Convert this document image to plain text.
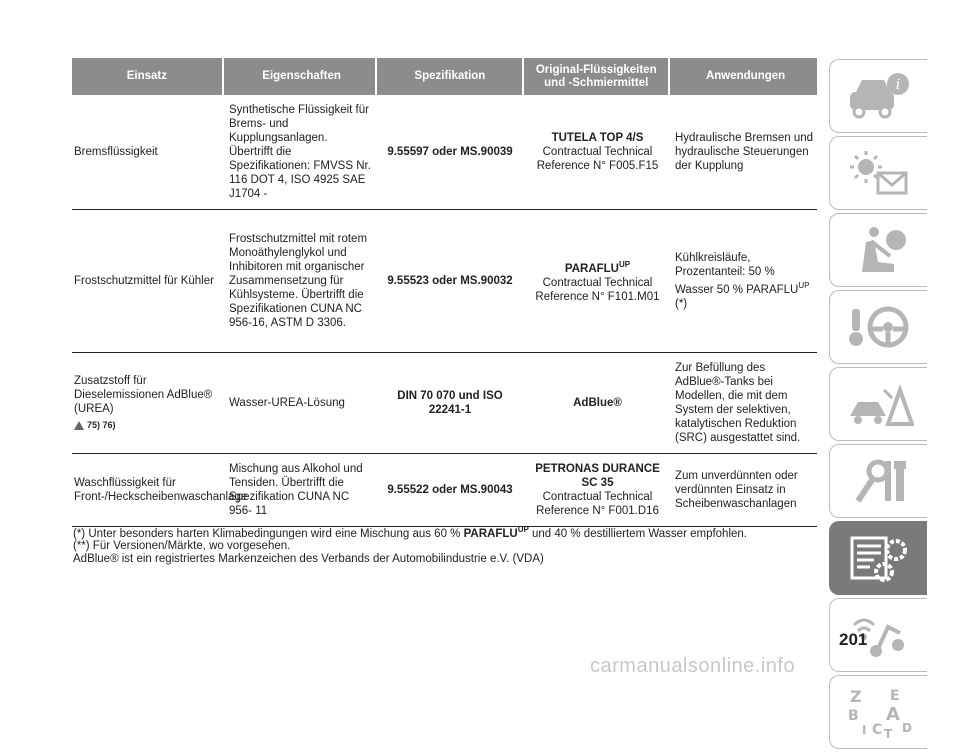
Einsatz	Eigenschaften	Spezifikation
Original-Flüssigkeiten und -Schmiermittel
Anwendungen
Bremsflüssigkeit
Synthetische Flüssigkeit für Brems- und Kupplungsanlagen. Übertrifft die Spezifikationen: FMVSS Nr. 116 DOT 4, ISO 4925 SAE J1704 -
9.55597 oder MS.90039
TUTELA TOP 4/S
Contractual Technical Reference N° F005.F15
Hydraulische Bremsen und hydraulische Steuerungen der Kupplung
Frostschutzmittel für Kühler
Frostschutzmittel mit rotem Monoäthylenglykol und Inhibitoren mit organischer Zusammensetzung für Kühlsysteme. Übertrifft die Spezifikationen CUNA NC 956-16, ASTM D 3306.
9.55523 oder MS.90032
$PARAFLU^{UP}$
Contractual Technical Reference N° F101.M01
Kühlkreisläufe, Prozentanteil: 50 % Wasser 50 % $PARAFLU^{UP}$ (*)
Zusatzstoff für Dieselemissionen AdBlue® (UREA)
75) 76)
Wasser-UREA-Lösung
DIN 70 070 und ISO 22241-1
AdBlue®
Zur Befüllung des AdBlue®-Tanks bei Modellen, die mit dem System der selektiven, katalytischen Reduktion (SRC) ausgestattet sind.
Waschflüssigkeit für Front-/Heckscheibenwaschanlage
Mischung aus Alkohol und Tensiden. Übertrifft die Spezifikation CUNA NC 956- 11
9.55522 oder MS.90043
PETRONAS DURANCE SC 35
Contractual Technical Reference N° F001.D16
Zum unverdünnten oder verdünnten Einsatz in Scheibenwaschanlagen
(*) Unter besonders harten Klimabedingungen wird eine Mischung aus 60 % $PARAFLU^{UP}$ und 40 % destilliertem Wasser empfohlen.
(**) Für Versionen/Märkte, wo vorgesehen.
AdBlue® ist ein registriertes Markenzeichen des Verbands der Automobilindustrie e.V. (VDA)
i
Z E
B A
I C D
T
201
carmanualsonline.info
